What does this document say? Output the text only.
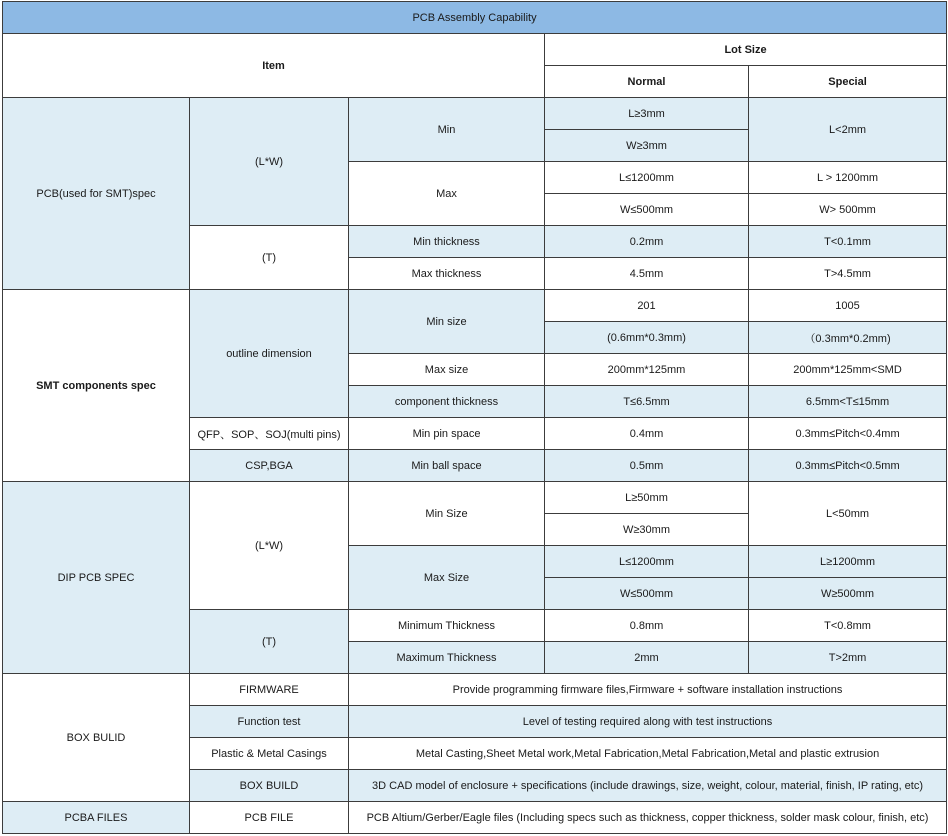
PCB Assembly Capability				
Item			Lot Size	
			Normal	Special
PCB(used for SMT)spec	(L*W)	Min	L≥3mm	L<2mm
			W≥3mm	
		Max	L≤1200mm	L > 1200mm
			W≤500mm	W> 500mm
	(T)	Min thickness	0.2mm	T<0.1mm
		Max thickness	4.5mm	T>4.5mm
SMT components spec	outline dimension	Min size	201	1005
			(0.6mm*0.3mm)	（0.3mm*0.2mm)
		Max size	200mm*125mm	200mm*125mm<SMD
		component thickness	T≤6.5mm	6.5mm<T≤15mm
	QFP、SOP、SOJ(multi pins)	Min pin space	0.4mm	0.3mm≤Pitch<0.4mm
	CSP,BGA	Min ball space	0.5mm	0.3mm≤Pitch<0.5mm
DIP PCB SPEC	(L*W)	Min Size	L≥50mm	L<50mm
			W≥30mm	
		Max Size	L≤1200mm	L≥1200mm
			W≤500mm	W≥500mm
	(T)	Minimum Thickness	0.8mm	T<0.8mm
		Maximum Thickness	2mm	T>2mm
BOX BULID	FIRMWARE	Provide programming firmware files,Firmware + software installation instructions		
	Function test	Level of testing required along with test instructions		
	Plastic & Metal Casings	Metal Casting,Sheet Metal work,Metal Fabrication,Metal Fabrication,Metal and plastic extrusion		
	BOX BUILD	3D CAD model of enclosure + specifications (include drawings, size, weight, colour, material, finish, IP rating, etc)		
PCBA FILES	PCB FILE	PCB Altium/Gerber/Eagle files (Including specs such as thickness, copper thickness, solder mask colour, finish, etc)		
